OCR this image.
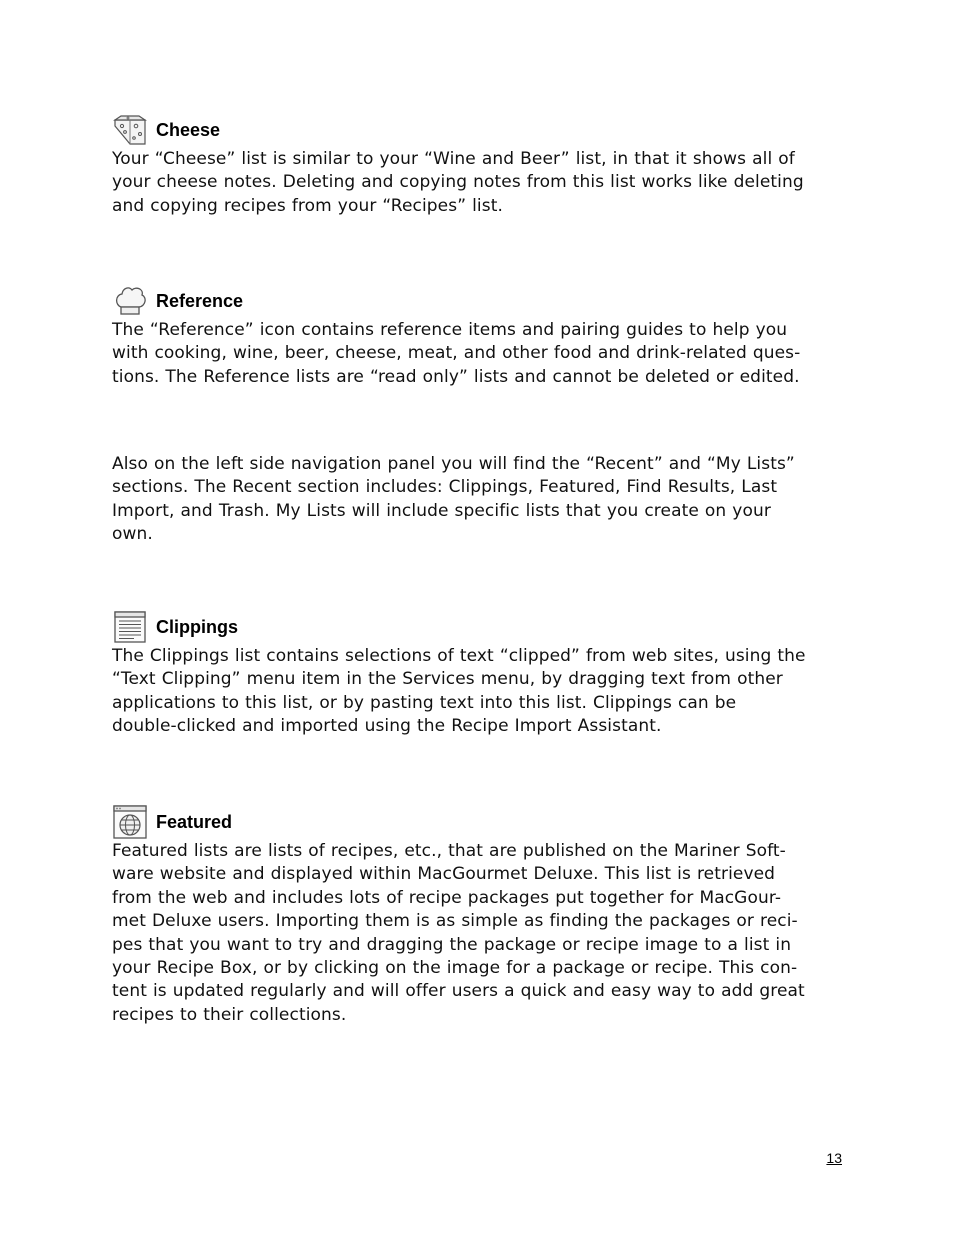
Cheese

Your “Cheese” list is similar to your “Wine and Beer” list, in that it shows all of
your cheese notes. Deleting and copying notes from this list works like deleting
and copying recipes from your “Recipes” list.

Reference

The “Reference” icon contains reference items and pairing guides to help you
with cooking, wine, beer, cheese, meat, and other food and drink-related ques-
tions. The Reference lists are “read only” lists and cannot be deleted or edited.

Also on the left side navigation panel you will find the “Recent” and “My Lists”
sections. The Recent section includes: Clippings, Featured, Find Results, Last
Import, and Trash. My Lists will include specific lists that you create on your
own.

Clippings

The Clippings list contains selections of text “clipped” from web sites, using the
“Text Clipping” menu item in the Services menu, by dragging text from other
applications to this list, or by pasting text into this list. Clippings can be
double-clicked and imported using the Recipe Import Assistant.

Featured

Featured lists are lists of recipes, etc., that are published on the Mariner Soft-
ware website and displayed within MacGourmet Deluxe. This list is retrieved
from the web and includes lots of recipe packages put together for MacGour-
met Deluxe users. Importing them is as simple as finding the packages or reci-
pes that you want to try and dragging the package or recipe image to a list in
your Recipe Box, or by clicking on the image for a package or recipe. This con-
tent is updated regularly and will offer users a quick and easy way to add great
recipes to their collections.

13
